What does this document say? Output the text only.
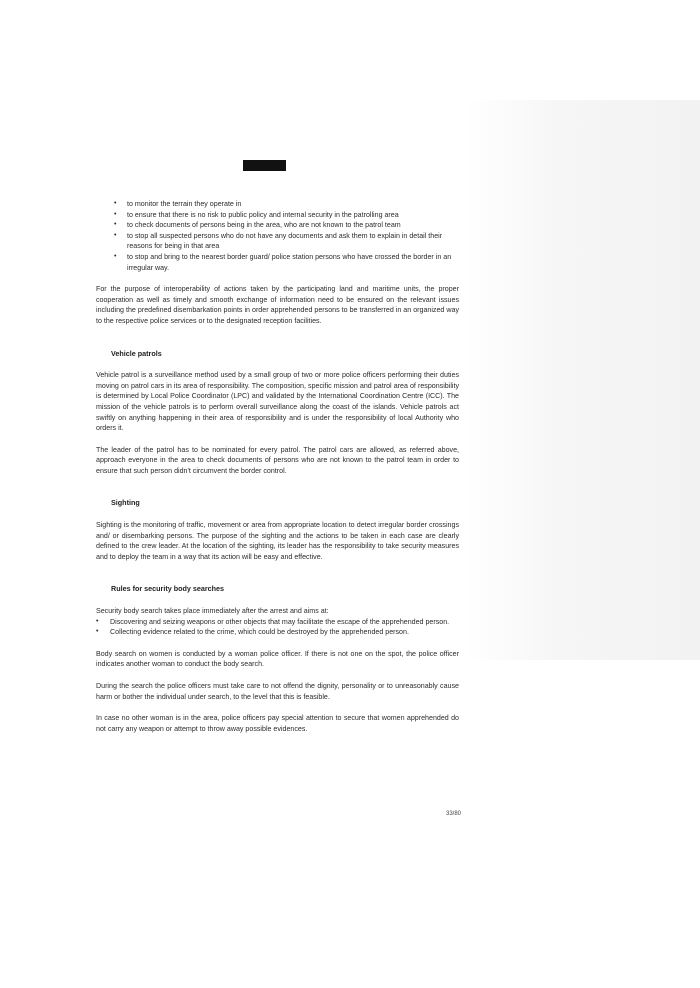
• to monitor the terrain they operate in
• to ensure that there is no risk to public policy and internal security in the patrolling area
• to check documents of persons being in the area, who are not known to the patrol team
• to stop all suspected persons who do not have any documents and ask them to explain in detail their reasons for being in that area
• to stop and bring to the nearest border guard/ police station persons who have crossed the border in an irregular way.

For the purpose of interoperability of actions taken by the participating land and maritime units, the proper cooperation as well as timely and smooth exchange of information need to be ensured on the relevant issues including the predefined disembarkation points in order apprehended persons to be transferred in an organized way to the respective police services or to the designated reception facilities.

Vehicle patrols

Vehicle patrol is a surveillance method used by a small group of two or more police officers performing their duties moving on patrol cars in its area of responsibility. The composition, specific mission and patrol area of responsibility is determined by Local Police Coordinator (LPC) and validated by the International Coordination Centre (ICC). The mission of the vehicle patrols is to perform overall surveillance along the coast of the islands. Vehicle patrols act swiftly on anything happening in their area of responsibility and is under the responsibility of local Authority who orders it.

The leader of the patrol has to be nominated for every patrol. The patrol cars are allowed, as referred above, approach everyone in the area to check documents of persons who are not known to the patrol team in order to ensure that such person didn't circumvent the border control.

Sighting

Sighting is the monitoring of traffic, movement or area from appropriate location to detect irregular border crossings and/ or disembarking persons. The purpose of the sighting and the actions to be taken in each case are clearly defined to the crew leader. At the location of the sighting, its leader has the responsibility to take security measures and to deploy the team in a way that its action will be easy and effective.

Rules for security body searches

Security body search takes place immediately after the arrest and aims at:

• Discovering and seizing weapons or other objects that may facilitate the escape of the apprehended person.
• Collecting evidence related to the crime, which could be destroyed by the apprehended person.

Body search on women is conducted by a woman police officer. If there is not one on the spot, the police officer indicates another woman to conduct the body search.

During the search the police officers must take care to not offend the dignity, personality or to unreasonably cause harm or bother the individual under search, to the level that this is feasible.

In case no other woman is in the area, police officers pay special attention to secure that women apprehended do not carry any weapon or attempt to throw away possible evidences.

33/80
